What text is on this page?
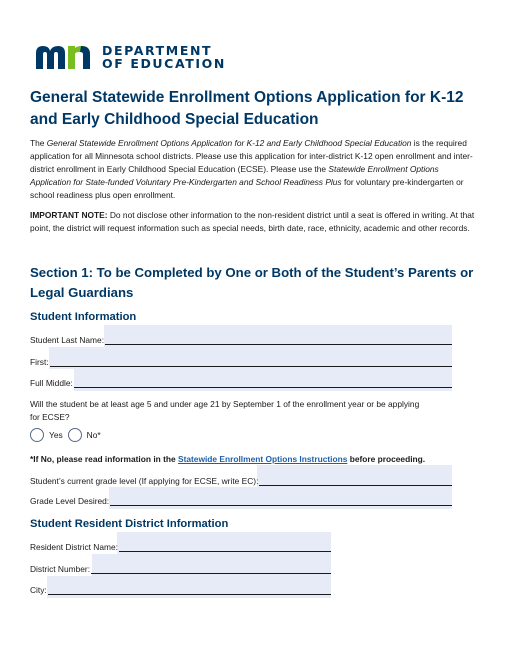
DEPARTMENT
OF EDUCATION
General Statewide Enrollment Options Application for K-12 and Early Childhood Special Education
The General Statewide Enrollment Options Application for K-12 and Early Childhood Special Education is the required application for all Minnesota school districts. Please use this application for inter-district K-12 open enrollment and inter-district enrollment in Early Childhood Special Education (ECSE). Please use the Statewide Enrollment Options Application for State-funded Voluntary Pre-Kindergarten and School Readiness Plus for voluntary pre-kindergarten or school readiness plus open enrollment.
IMPORTANT NOTE: Do not disclose other information to the non-resident district until a seat is offered in writing. At that point, the district will request information such as special needs, birth date, race, ethnicity, academic and other records.
Section 1: To be Completed by One or Both of the Student’s Parents or Legal Guardians
Student Information
Student Last Name:
First:
Full Middle:
Will the student be at least age 5 and under age 21 by September 1 of the enrollment year or be applying for ECSE?
Yes	No*
*If No, please read information in the Statewide Enrollment Options Instructions before proceeding.
Student’s current grade level (If applying for ECSE, write EC):
Grade Level Desired:
Student Resident District Information
Resident District Name:
District Number:
City:
